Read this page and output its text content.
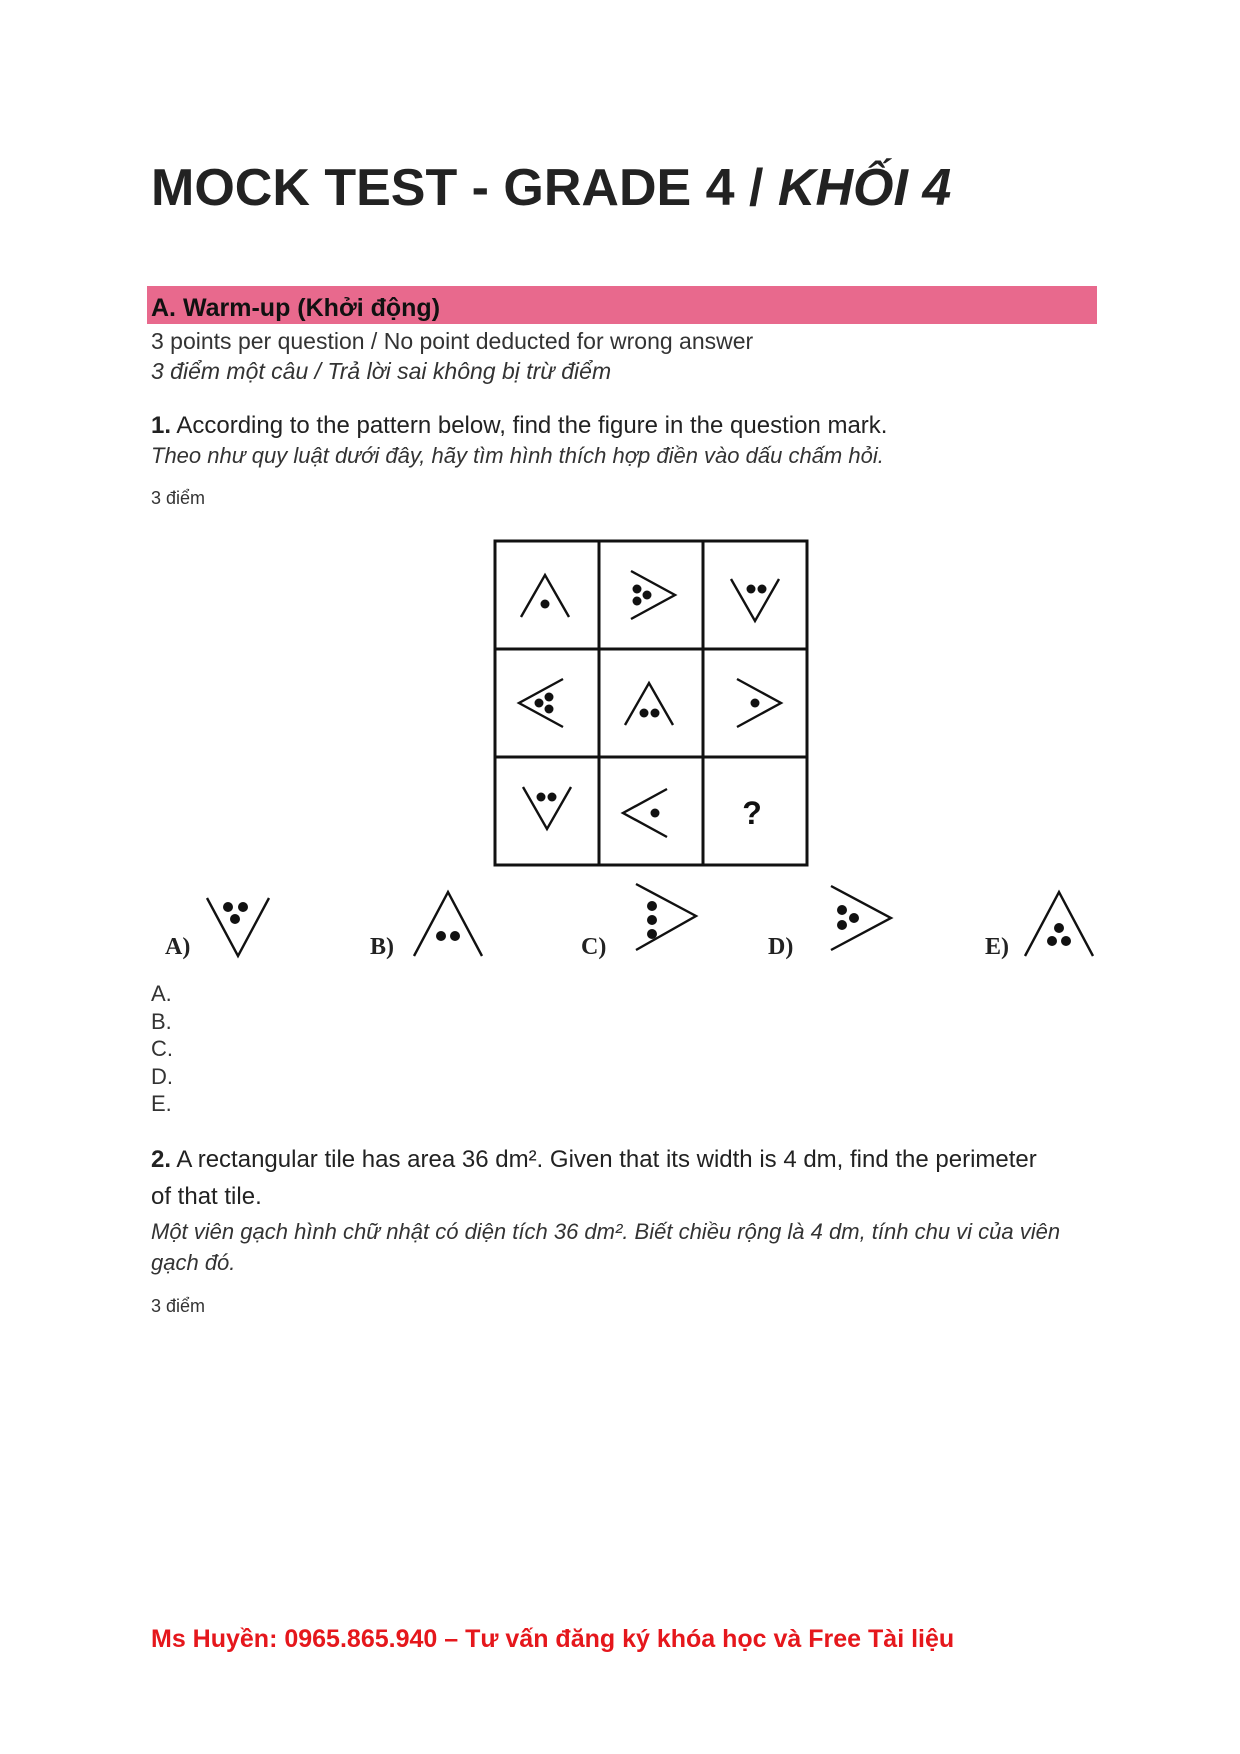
MOCK TEST - GRADE 4 / KHỐI 4
A. Warm-up (Khởi động)
3 points per question / No point deducted for wrong answer
3 điểm một câu / Trả lời sai không bị trừ điểm
1. According to the pattern below, find the figure in the question mark.
Theo như quy luật dưới đây, hãy tìm hình thích hợp điền vào dấu chấm hỏi.
3 điểm
?
A)	B)	C)	D)	E)
A.
B.
C.
D.
E.
2. A rectangular tile has area 36 dm². Given that its width is 4 dm, find the perimeter
of that tile.
Một viên gạch hình chữ nhật có diện tích 36 dm². Biết chiều rộng là 4 dm, tính chu vi của viên
gạch đó.
3 điểm
Ms Huyền: 0965.865.940 – Tư vấn đăng ký khóa học và Free Tài liệu
